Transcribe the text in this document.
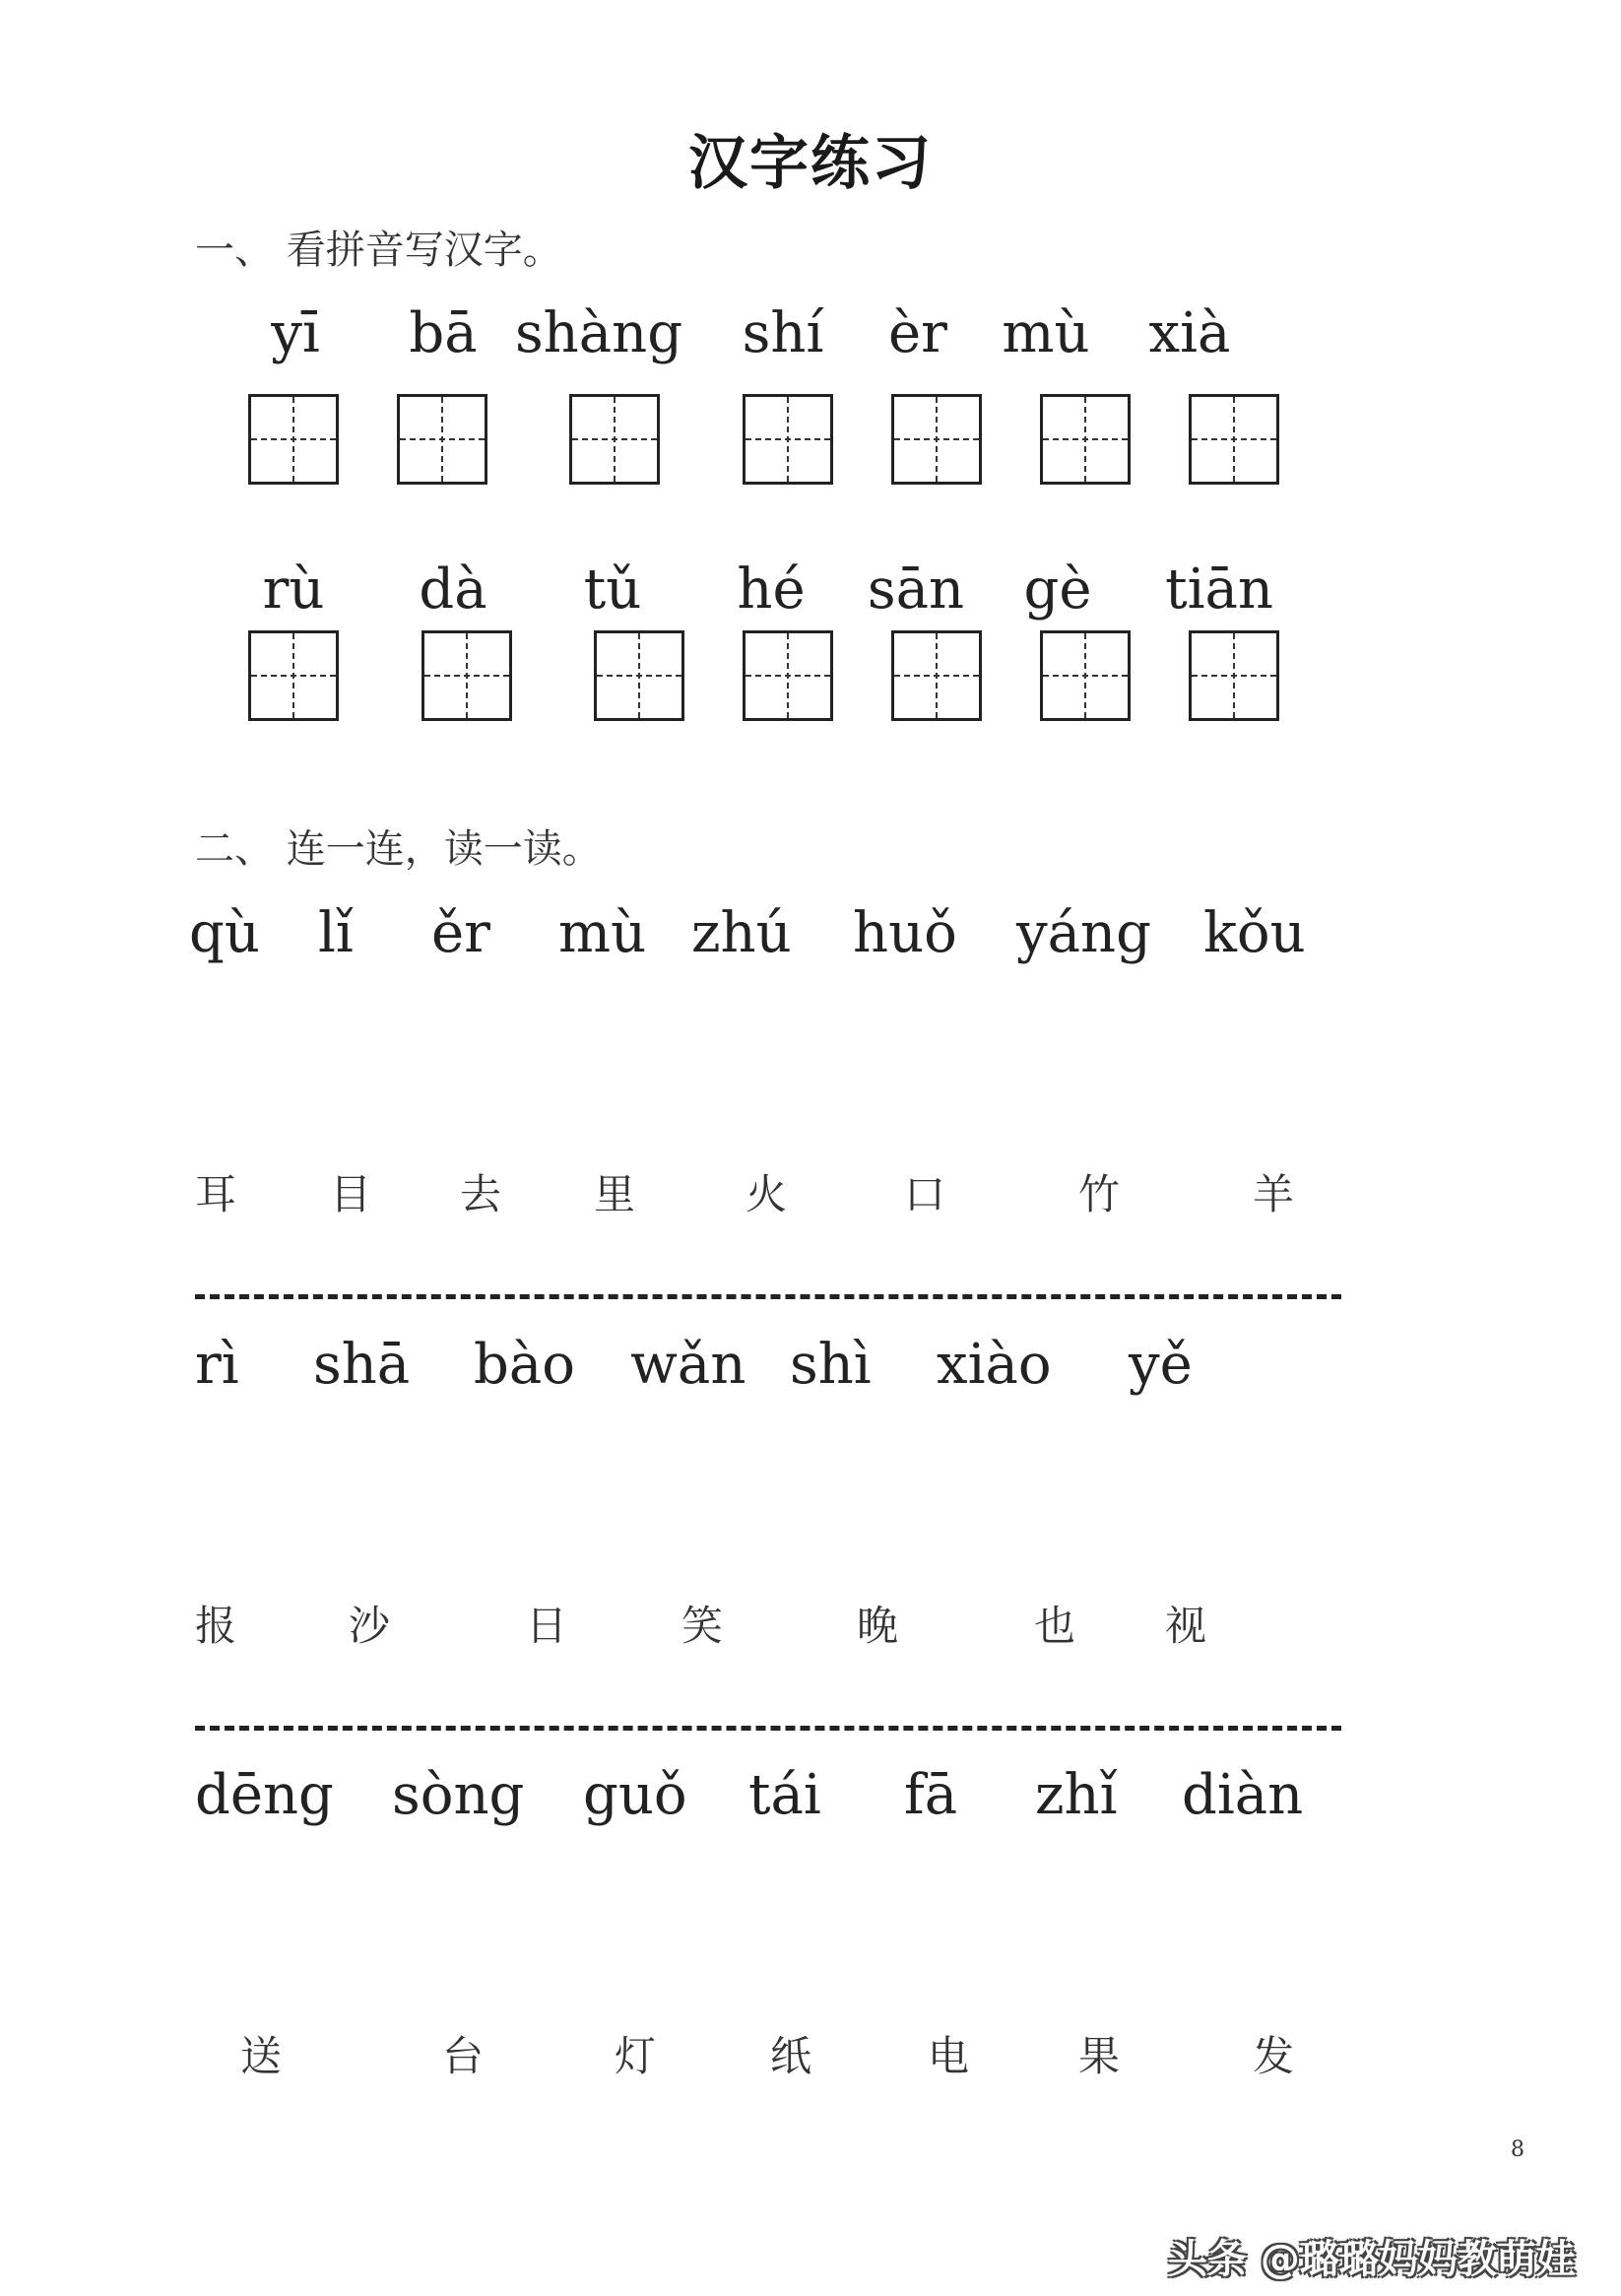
汉字练习
一、 看拼音写汉字。
yī	bā shàng	shí	èr mù	xià
rù	dà	tǔ	hé	sān	gè	tiān
二、 连一连，读一读。
qù lǐ ěr mù zhú huǒ yáng kǒu
耳 目 去 里	火	口	竹	羊
rì shā bào wǎn shì xiào yě
报	沙	日	笑	晚	也 视
dēng sòng guǒ tái fā zhǐ diàn
送	台	灯	纸	电	果	发
8
头条 @璐璐妈妈教萌娃
